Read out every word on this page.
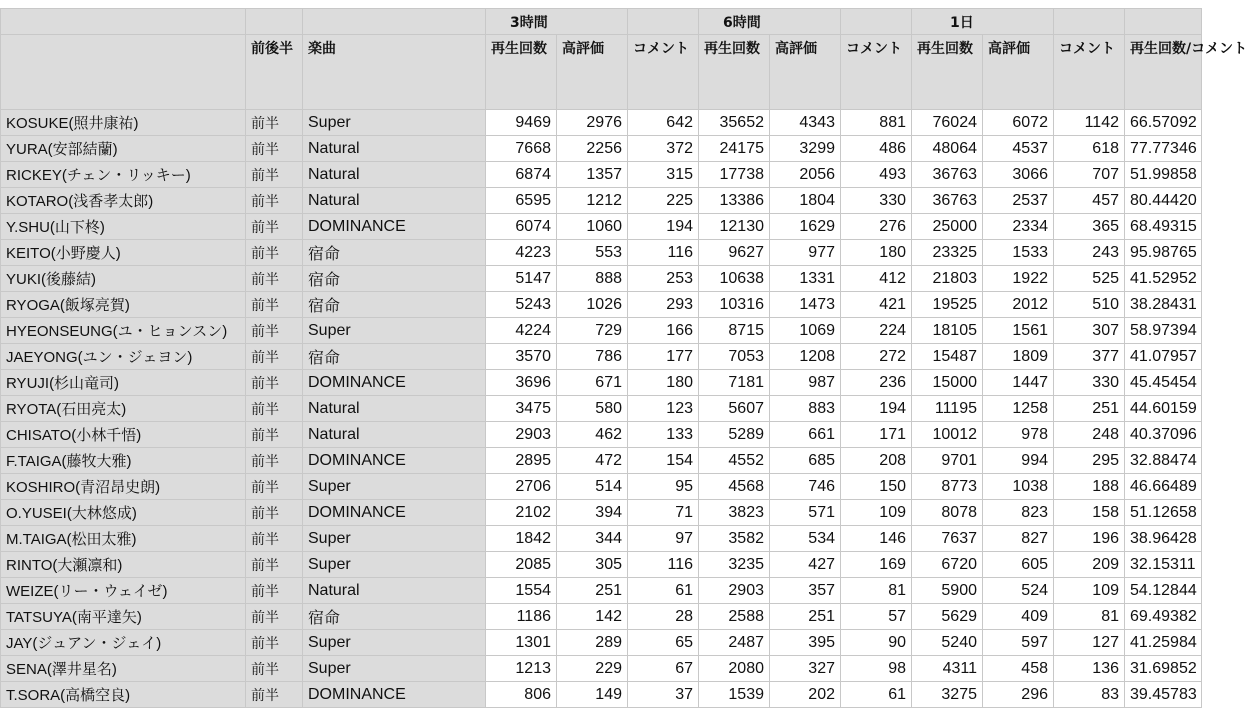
			3時間			6時間			1日			
	前後半	楽曲	再生回数	高評価	コメント	再生回数	高評価	コメント	再生回数	高評価	コメント	再生回数/コメント
KOSUKE(照井康祐)	前半	Super	9469	2976	642	35652	4343	881	76024	6072	1142	66.57092
YURA(安部結蘭)	前半	Natural	7668	2256	372	24175	3299	486	48064	4537	618	77.77346
RICKEY(チェン・リッキー)	前半	Natural	6874	1357	315	17738	2056	493	36763	3066	707	51.99858
KOTARO(浅香孝太郎)	前半	Natural	6595	1212	225	13386	1804	330	36763	2537	457	80.44420
Y.SHU(山下柊)	前半	DOMINANCE	6074	1060	194	12130	1629	276	25000	2334	365	68.49315
KEITO(小野慶人)	前半	宿命	4223	553	116	9627	977	180	23325	1533	243	95.98765
YUKI(後藤結)	前半	宿命	5147	888	253	10638	1331	412	21803	1922	525	41.52952
RYOGA(飯塚亮賀)	前半	宿命	5243	1026	293	10316	1473	421	19525	2012	510	38.28431
HYEONSEUNG(ユ・ヒョンスン)	前半	Super	4224	729	166	8715	1069	224	18105	1561	307	58.97394
JAEYONG(ユン・ジェヨン)	前半	宿命	3570	786	177	7053	1208	272	15487	1809	377	41.07957
RYUJI(杉山竜司)	前半	DOMINANCE	3696	671	180	7181	987	236	15000	1447	330	45.45454
RYOTA(石田亮太)	前半	Natural	3475	580	123	5607	883	194	11195	1258	251	44.60159
CHISATO(小林千悟)	前半	Natural	2903	462	133	5289	661	171	10012	978	248	40.37096
F.TAIGA(藤牧大雅)	前半	DOMINANCE	2895	472	154	4552	685	208	9701	994	295	32.88474
KOSHIRO(青沼昂史朗)	前半	Super	2706	514	95	4568	746	150	8773	1038	188	46.66489
O.YUSEI(大林悠成)	前半	DOMINANCE	2102	394	71	3823	571	109	8078	823	158	51.12658
M.TAIGA(松田太雅)	前半	Super	1842	344	97	3582	534	146	7637	827	196	38.96428
RINTO(大瀬凛和)	前半	Super	2085	305	116	3235	427	169	6720	605	209	32.15311
WEIZE(リー・ウェイゼ)	前半	Natural	1554	251	61	2903	357	81	5900	524	109	54.12844
TATSUYA(南平達矢)	前半	宿命	1186	142	28	2588	251	57	5629	409	81	69.49382
JAY(ジュアン・ジェイ)	前半	Super	1301	289	65	2487	395	90	5240	597	127	41.25984
SENA(澤井星名)	前半	Super	1213	229	67	2080	327	98	4311	458	136	31.69852
T.SORA(高橋空良)	前半	DOMINANCE	806	149	37	1539	202	61	3275	296	83	39.45783
